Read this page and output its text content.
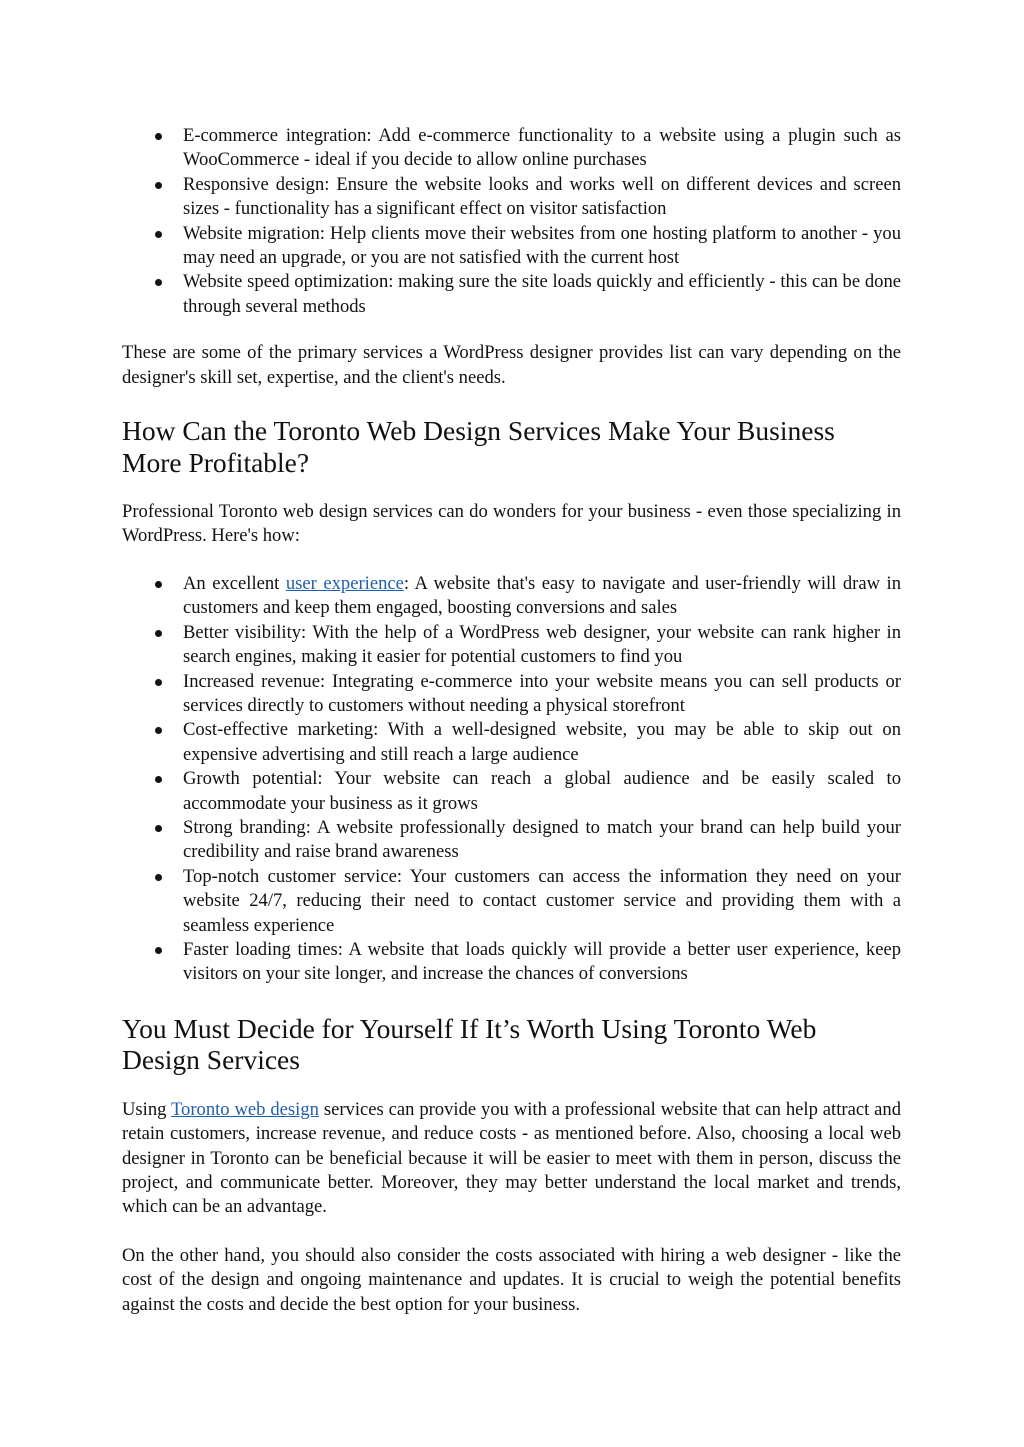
E-commerce integration: Add e-commerce functionality to a website using a plugin such as WooCommerce - ideal if you decide to allow online purchases
Responsive design: Ensure the website looks and works well on different devices and screen sizes - functionality has a significant effect on visitor satisfaction
Website migration: Help clients move their websites from one hosting platform to another - you may need an upgrade, or you are not satisfied with the current host
Website speed optimization: making sure the site loads quickly and efficiently - this can be done through several methods

These are some of the primary services a WordPress designer provides list can vary depending on the designer's skill set, expertise, and the client's needs.

How Can the Toronto Web Design Services Make Your Business More Profitable?

Professional Toronto web design services can do wonders for your business - even those specializing in WordPress. Here's how:

An excellent user experience: A website that's easy to navigate and user-friendly will draw in customers and keep them engaged, boosting conversions and sales
Better visibility: With the help of a WordPress web designer, your website can rank higher in search engines, making it easier for potential customers to find you
Increased revenue: Integrating e-commerce into your website means you can sell products or services directly to customers without needing a physical storefront
Cost-effective marketing: With a well-designed website, you may be able to skip out on expensive advertising and still reach a large audience
Growth potential: Your website can reach a global audience and be easily scaled to accommodate your business as it grows
Strong branding: A website professionally designed to match your brand can help build your credibility and raise brand awareness
Top-notch customer service: Your customers can access the information they need on your website 24/7, reducing their need to contact customer service and providing them with a seamless experience
Faster loading times: A website that loads quickly will provide a better user experience, keep visitors on your site longer, and increase the chances of conversions
You Must Decide for Yourself If It’s Worth Using Toronto Web Design Services

Using Toronto web design services can provide you with a professional website that can help attract and retain customers, increase revenue, and reduce costs - as mentioned before. Also, choosing a local web designer in Toronto can be beneficial because it will be easier to meet with them in person, discuss the project, and communicate better. Moreover, they may better understand the local market and trends, which can be an advantage.

On the other hand, you should also consider the costs associated with hiring a web designer - like the cost of the design and ongoing maintenance and updates. It is crucial to weigh the potential benefits against the costs and decide the best option for your business.
